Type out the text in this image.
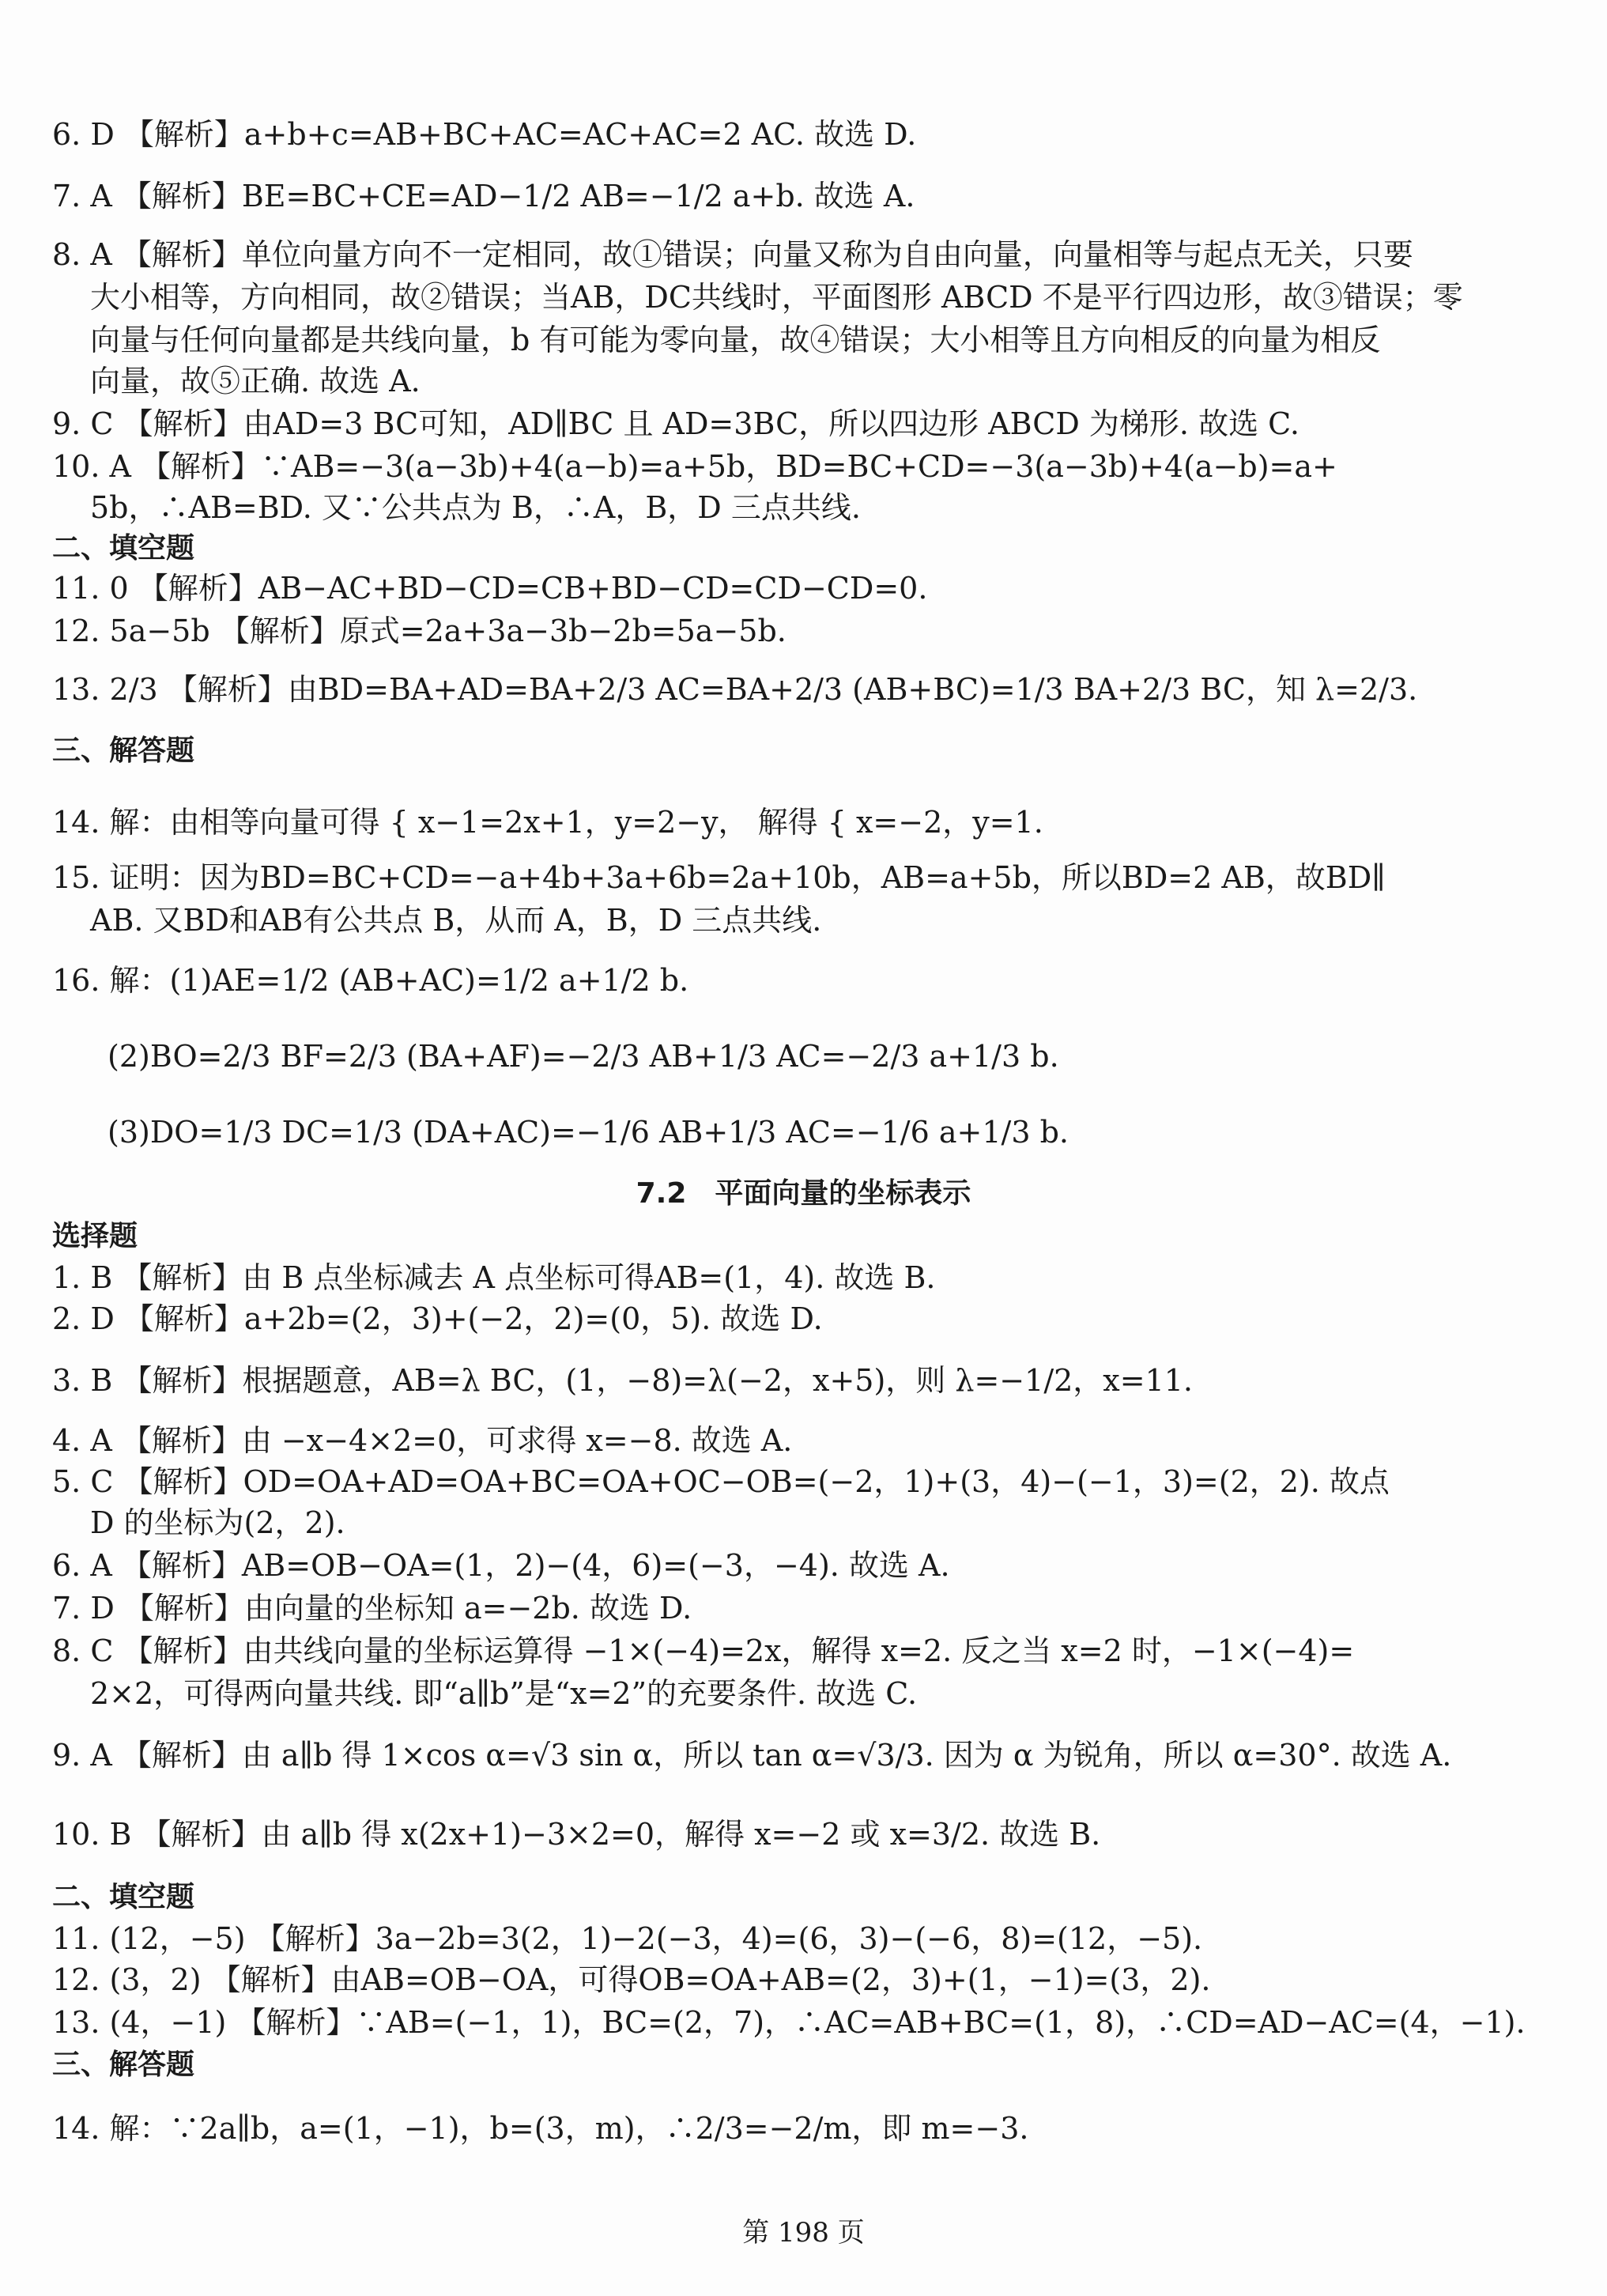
6. D 【解析】a+b+c=AB+BC+AC=AC+AC=2 AC. 故选 D.
7. A 【解析】BE=BC+CE=AD−1/2 AB=−1/2 a+b. 故选 A.
8. A 【解析】单位向量方向不一定相同，故①错误；向量又称为自由向量，向量相等与起点无关，只要
大小相等，方向相同，故②错误；当AB，DC共线时，平面图形 ABCD 不是平行四边形，故③错误；零
向量与任何向量都是共线向量，b 有可能为零向量，故④错误；大小相等且方向相反的向量为相反
向量，故⑤正确. 故选 A.
9. C 【解析】由AD=3 BC可知，AD∥BC 且 AD=3BC，所以四边形 ABCD 为梯形. 故选 C.
10. A 【解析】∵AB=−3(a−3b)+4(a−b)=a+5b，BD=BC+CD=−3(a−3b)+4(a−b)=a+
5b，∴AB=BD. 又∵公共点为 B，∴A，B，D 三点共线.
二、填空题
11. 0 【解析】AB−AC+BD−CD=CB+BD−CD=CD−CD=0.
12. 5a−5b 【解析】原式=2a+3a−3b−2b=5a−5b.
13. 2/3 【解析】由BD=BA+AD=BA+2/3 AC=BA+2/3 (AB+BC)=1/3 BA+2/3 BC，知 λ=2/3.
三、解答题
14. 解：由相等向量可得 { x−1=2x+1，y=2−y， 解得 { x=−2，y=1.
15. 证明：因为BD=BC+CD=−a+4b+3a+6b=2a+10b，AB=a+5b，所以BD=2 AB，故BD∥
AB. 又BD和AB有公共点 B，从而 A，B，D 三点共线.
16. 解：(1)AE=1/2 (AB+AC)=1/2 a+1/2 b.
(2)BO=2/3 BF=2/3 (BA+AF)=−2/3 AB+1/3 AC=−2/3 a+1/3 b.
(3)DO=1/3 DC=1/3 (DA+AC)=−1/6 AB+1/3 AC=−1/6 a+1/3 b.
7.2　平面向量的坐标表示
选择题
1. B 【解析】由 B 点坐标减去 A 点坐标可得AB=(1，4). 故选 B.
2. D 【解析】a+2b=(2，3)+(−2，2)=(0，5). 故选 D.
3. B 【解析】根据题意，AB=λ BC，(1，−8)=λ(−2，x+5)，则 λ=−1/2，x=11.
4. A 【解析】由 −x−4×2=0，可求得 x=−8. 故选 A.
5. C 【解析】OD=OA+AD=OA+BC=OA+OC−OB=(−2，1)+(3，4)−(−1，3)=(2，2). 故点
D 的坐标为(2，2).
6. A 【解析】AB=OB−OA=(1，2)−(4，6)=(−3，−4). 故选 A.
7. D 【解析】由向量的坐标知 a=−2b. 故选 D.
8. C 【解析】由共线向量的坐标运算得 −1×(−4)=2x，解得 x=2. 反之当 x=2 时，−1×(−4)=
2×2，可得两向量共线. 即“a∥b”是“x=2”的充要条件. 故选 C.
9. A 【解析】由 a∥b 得 1×cos α=√3 sin α，所以 tan α=√3/3. 因为 α 为锐角，所以 α=30°. 故选 A.
10. B 【解析】由 a∥b 得 x(2x+1)−3×2=0，解得 x=−2 或 x=3/2. 故选 B.
二、填空题
11. (12，−5) 【解析】3a−2b=3(2，1)−2(−3，4)=(6，3)−(−6，8)=(12，−5).
12. (3，2) 【解析】由AB=OB−OA，可得OB=OA+AB=(2，3)+(1，−1)=(3，2).
13. (4，−1) 【解析】∵AB=(−1，1)，BC=(2，7)，∴AC=AB+BC=(1，8)，∴CD=AD−AC=(4，−1).
三、解答题
14. 解：∵2a∥b，a=(1，−1)，b=(3，m)，∴2/3=−2/m，即 m=−3.
第 198 页
